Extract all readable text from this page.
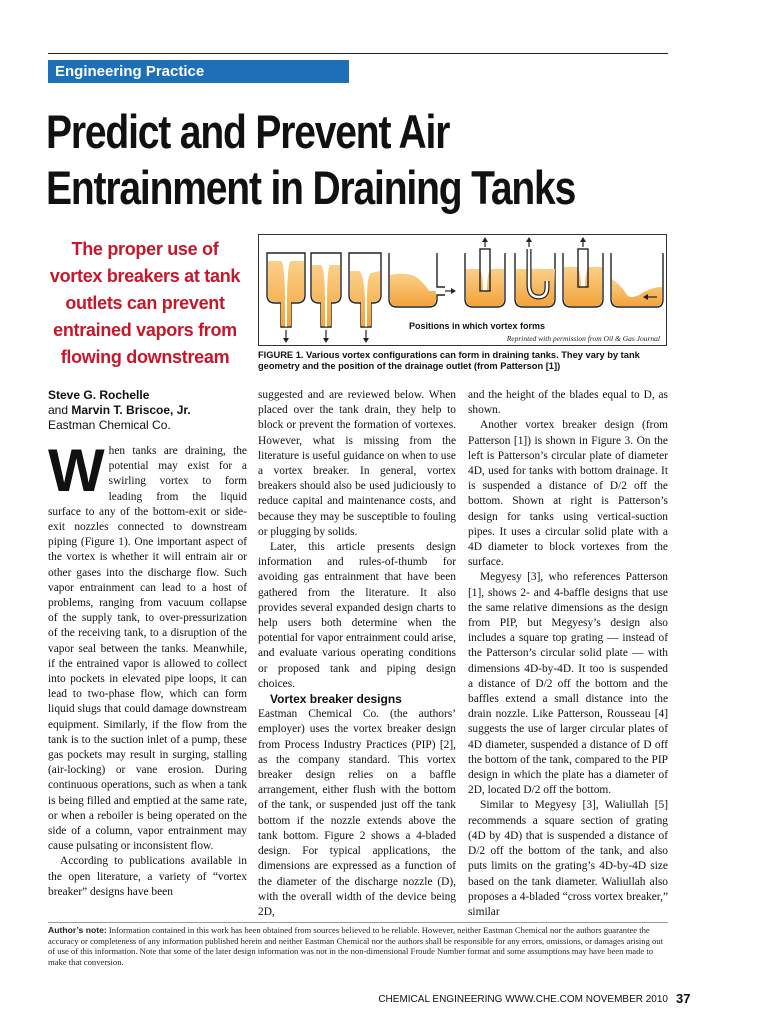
Engineering Practice
Predict and Prevent Air
Entrainment in Draining Tanks
The proper use of vortex breakers at tank outlets can prevent entrained vapors from flowing downstream
Positions in which vortex forms
Reprinted with permission from Oil & Gas Journal
FIGURE 1. Various vortex configurations can form in draining tanks. They vary by tank geometry and the position of the drainage outlet (from Patterson [1])
Steve G. Rochelle
and Marvin T. Briscoe, Jr.
Eastman Chemical Co.

When tanks are draining, the potential may exist for a swirling vortex to form leading from the liquid surface to any of the bottom-exit or side-exit nozzles connected to downstream piping (Figure 1). One important aspect of the vortex is whether it will entrain air or other gases into the discharge flow. Such vapor entrainment can lead to a host of problems, ranging from vacuum collapse of the supply tank, to over-pressurization of the receiving tank, to a disruption of the vapor seal between the tanks. Meanwhile, if the entrained vapor is allowed to collect into pockets in elevated pipe loops, it can lead to two-phase flow, which can form liquid slugs that could damage downstream equipment. Similarly, if the flow from the tank is to the suction inlet of a pump, these gas pockets may result in surging, stalling (air-locking) or vane erosion. During continuous operations, such as when a tank is being filled and emptied at the same rate, or when a reboiler is being operated on the side of a column, vapor entrainment may cause pulsating or inconsistent flow.

According to publications available in the open literature, a variety of “vortex breaker” designs have been

suggested and are reviewed below. When placed over the tank drain, they help to block or prevent the formation of vortexes. However, what is missing from the literature is useful guidance on when to use a vortex breaker. In general, vortex breakers should also be used judiciously to reduce capital and maintenance costs, and because they may be susceptible to fouling or plugging by solids.

Later, this article presents design information and rules-of-thumb for avoiding gas entrainment that have been gathered from the literature. It also provides several expanded design charts to help users both determine when the potential for vapor entrainment could arise, and evaluate various operating conditions or proposed tank and piping design choices.

Vortex breaker designs

Eastman Chemical Co. (the authors’ employer) uses the vortex breaker design from Process Industry Practices (PIP) [2], as the company standard. This vortex breaker design relies on a baffle arrangement, either flush with the bottom of the tank, or suspended just off the tank bottom if the nozzle extends above the tank bottom. Figure 2 shows a 4-bladed design. For typical applications, the dimensions are expressed as a function of the diameter of the discharge nozzle (D), with the overall width of the device being 2D,

and the height of the blades equal to D, as shown.

Another vortex breaker design (from Patterson [1]) is shown in Figure 3. On the left is Patterson’s circular plate of diameter 4D, used for tanks with bottom drainage. It is suspended a distance of D/2 off the bottom. Shown at right is Patterson’s design for tanks using vertical-suction pipes. It uses a circular solid plate with a 4D diameter to block vortexes from the surface.

Megyesy [3], who references Patterson [1], shows 2- and 4-baffle designs that use the same relative dimensions as the design from PIP, but Megyesy’s design also includes a square top grating — instead of the Patterson’s circular solid plate — with dimensions 4D-by-4D. It too is suspended a distance of D/2 off the bottom and the baffles extend a small distance into the drain nozzle. Like Patterson, Rousseau [4] suggests the use of larger circular plates of 4D diameter, suspended a distance of D off the bottom of the tank, compared to the PIP design in which the plate has a diameter of 2D, located D/2 off the bottom.

Similar to Megyesy [3], Waliullah [5] recommends a square section of grating (4D by 4D) that is suspended a distance of D/2 off the bottom of the tank, and also puts limits on the grating’s 4D-by-4D size based on the tank diameter. Waliullah also proposes a 4-bladed “cross vortex breaker,” similar

Author’s note: Information contained in this work has been obtained from sources believed to be reliable. However, neither Eastman Chemical nor the authors guarantee the accuracy or completeness of any information published herein and neither Eastman Chemical nor the authors shall be responsible for any errors, omissions, or damages arising out of use of this information. Note that some of the later design information was not in the non-dimensional Froude Number format and some assumptions may have been made to make that conversion.
CHEMICAL ENGINEERING WWW.CHE.COM NOVEMBER 2010 37
